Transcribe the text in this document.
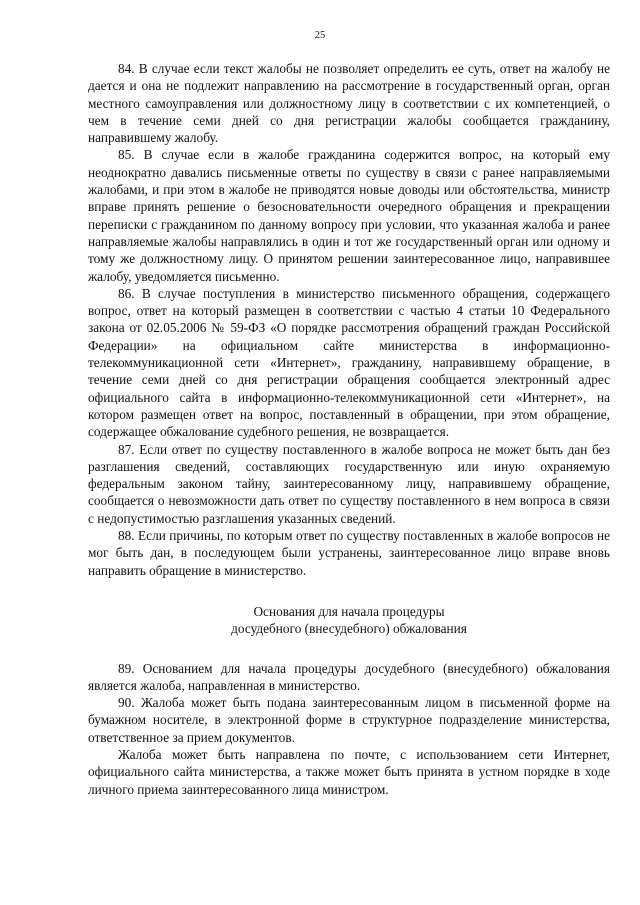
25

84. В случае если текст жалобы не позволяет определить ее суть, ответ на жалобу не дается и она не подлежит направлению на рассмотрение в государственный орган, орган местного самоуправления или должностному лицу в соответствии с их компетенцией, о чем в течение семи дней со дня регистрации жалобы сообщается гражданину, направившему жалобу.

85. В случае если в жалобе гражданина содержится вопрос, на который ему неоднократно давались письменные ответы по существу в связи с ранее направляемыми жалобами, и при этом в жалобе не приводятся новые доводы или обстоятельства, министр вправе принять решение о безосновательности очередного обращения и прекращении переписки с гражданином по данному вопросу при условии, что указанная жалоба и ранее направляемые жалобы направлялись в один и тот же государственный орган или одному и тому же должностному лицу. О принятом решении заинтересованное лицо, направившее жалобу, уведомляется письменно.

86. В случае поступления в министерство письменного обращения, содержащего вопрос, ответ на который размещен в соответствии с частью 4 статьи 10 Федерального закона от 02.05.2006 № 59-ФЗ «О порядке рассмотрения обращений граждан Российской Федерации» на официальном сайте министерства в информационно-телекоммуникационной сети «Интернет», гражданину, направившему обращение, в течение семи дней со дня регистрации обращения сообщается электронный адрес официального сайта в информационно-телекоммуникационной сети «Интернет», на котором размещен ответ на вопрос, поставленный в обращении, при этом обращение, содержащее обжалование судебного решения, не возвращается.

87. Если ответ по существу поставленного в жалобе вопроса не может быть дан без разглашения сведений, составляющих государственную или иную охраняемую федеральным законом тайну, заинтересованному лицу, направившему обращение, сообщается о невозможности дать ответ по существу поставленного в нем вопроса в связи с недопустимостью разглашения указанных сведений.

88. Если причины, по которым ответ по существу поставленных в жалобе вопросов не мог быть дан, в последующем были устранены, заинтересованное лицо вправе вновь направить обращение в министерство.

Основания для начала процедуры
досудебного (внесудебного) обжалования

89. Основанием для начала процедуры досудебного (внесудебного) обжалования является жалоба, направленная в министерство.

90. Жалоба может быть подана заинтересованным лицом в письменной форме на бумажном носителе, в электронной форме в структурное подразделение министерства, ответственное за прием документов.

Жалоба может быть направлена по почте, с использованием сети Интернет, официального сайта министерства, а также может быть принята в устном порядке в ходе личного приема заинтересованного лица министром.
